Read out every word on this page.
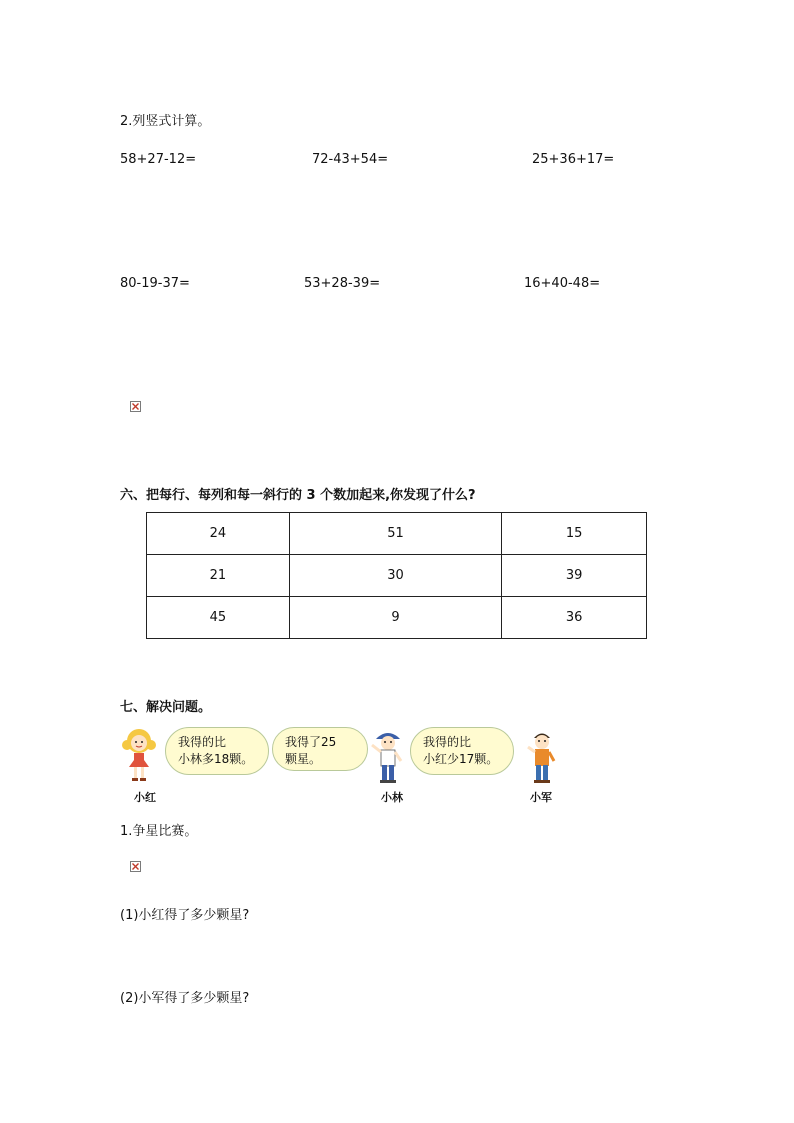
2.列竖式计算。
58+27-12=	72-43+54=	25+36+17=
80-19-37=	53+28-39=	16+40-48=
六、把每行、每列和每一斜行的 3 个数加起来,你发现了什么?
24	51	15
21	30	39
45	9	36
七、解决问题。
我得的比
小林多18颗。
我得了25
颗星。
我得的比
小红少17颗。
小红	小林	小军
1.争星比赛。
(1)小红得了多少颗星?
(2)小军得了多少颗星?
